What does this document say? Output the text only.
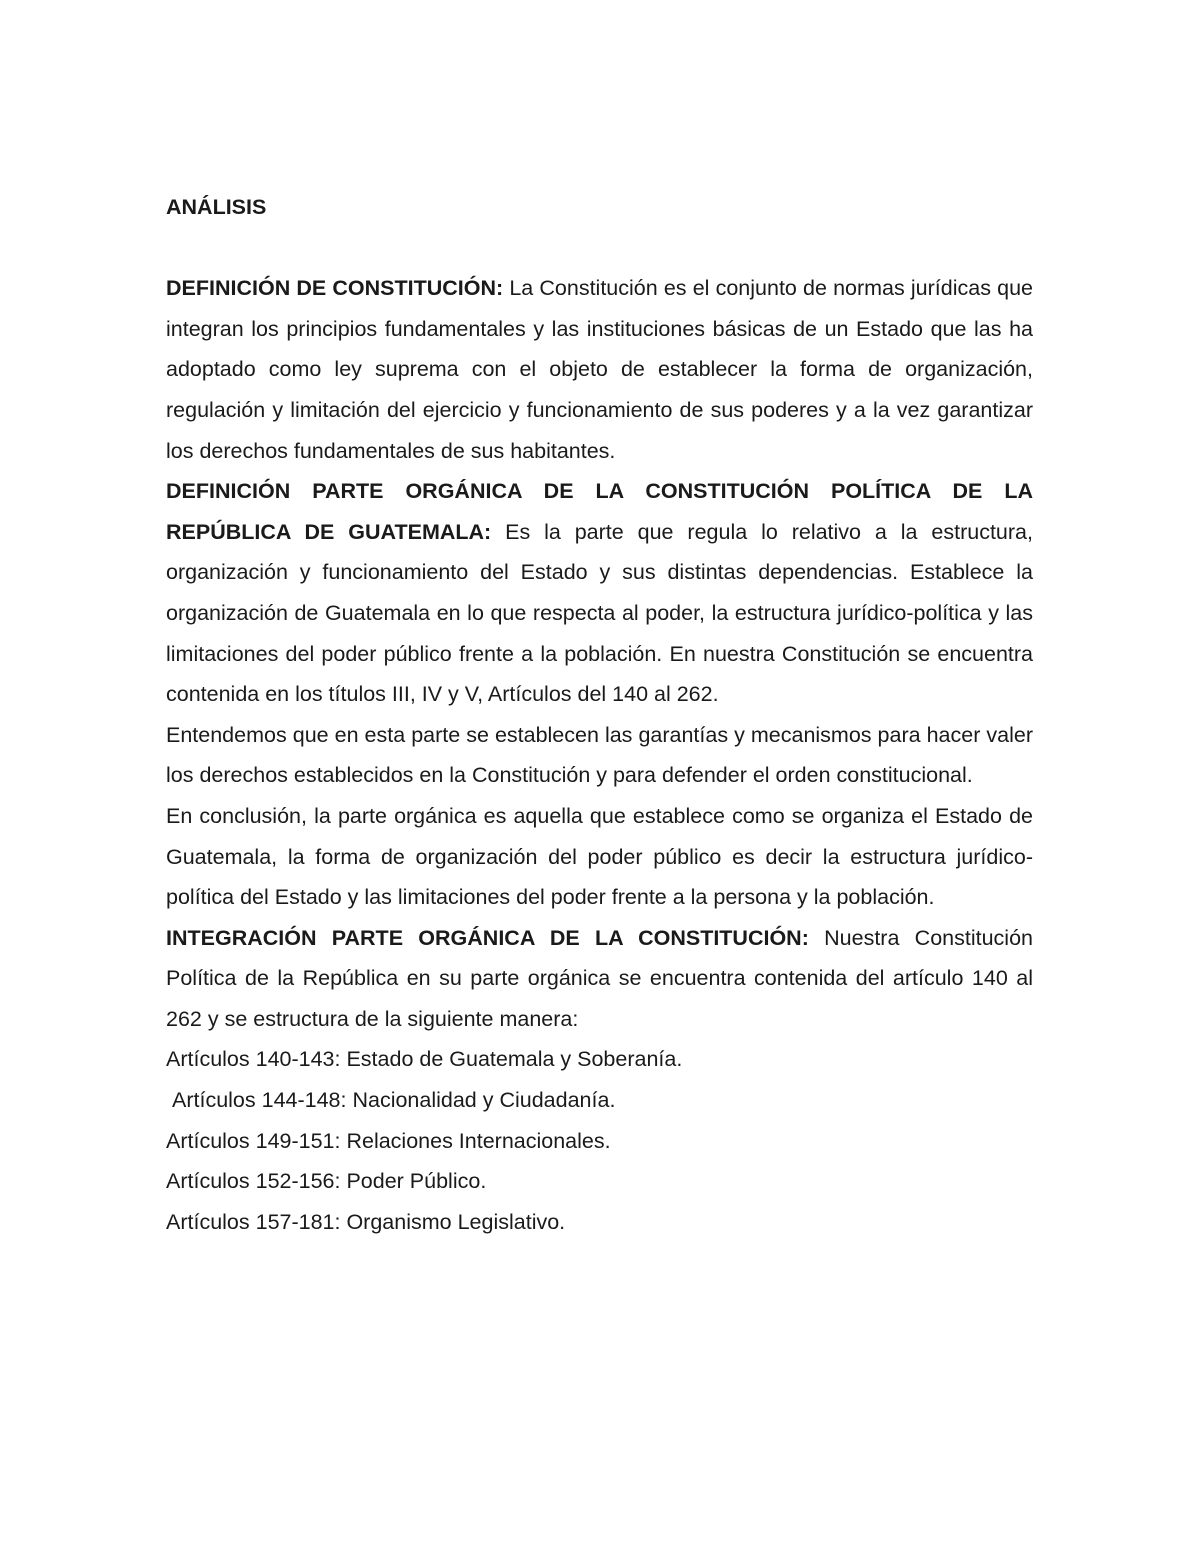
ANÁLISIS

DEFINICIÓN DE CONSTITUCIÓN: La Constitución es el conjunto de normas jurídicas que integran los principios fundamentales y las instituciones básicas de un Estado que las ha adoptado como ley suprema con el objeto de establecer la forma de organización, regulación y limitación del ejercicio y funcionamiento de sus poderes y a la vez garantizar los derechos fundamentales de sus habitantes.

DEFINICIÓN PARTE ORGÁNICA DE LA CONSTITUCIÓN POLÍTICA DE LA REPÚBLICA DE GUATEMALA: Es la parte que regula lo relativo a la estructura, organización y funcionamiento del Estado y sus distintas dependencias. Establece la organización de Guatemala en lo que respecta al poder, la estructura jurídico-política y las limitaciones del poder público frente a la población. En nuestra Constitución se encuentra contenida en los títulos III, IV y V, Artículos del 140 al 262.

Entendemos que en esta parte se establecen las garantías y mecanismos para hacer valer los derechos establecidos en la Constitución y para defender el orden constitucional.

En conclusión, la parte orgánica es aquella que establece como se organiza el Estado de Guatemala, la forma de organización del poder público es decir la estructura jurídico-política del Estado y las limitaciones del poder frente a la persona y la población.

INTEGRACIÓN PARTE ORGÁNICA DE LA CONSTITUCIÓN: Nuestra Constitución Política de la República en su parte orgánica se encuentra contenida del artículo 140 al 262 y se estructura de la siguiente manera:

Artículos 140-143: Estado de Guatemala y Soberanía.
Artículos 144-148: Nacionalidad y Ciudadanía.
Artículos 149-151: Relaciones Internacionales.
Artículos 152-156: Poder Público.
Artículos 157-181: Organismo Legislativo.
